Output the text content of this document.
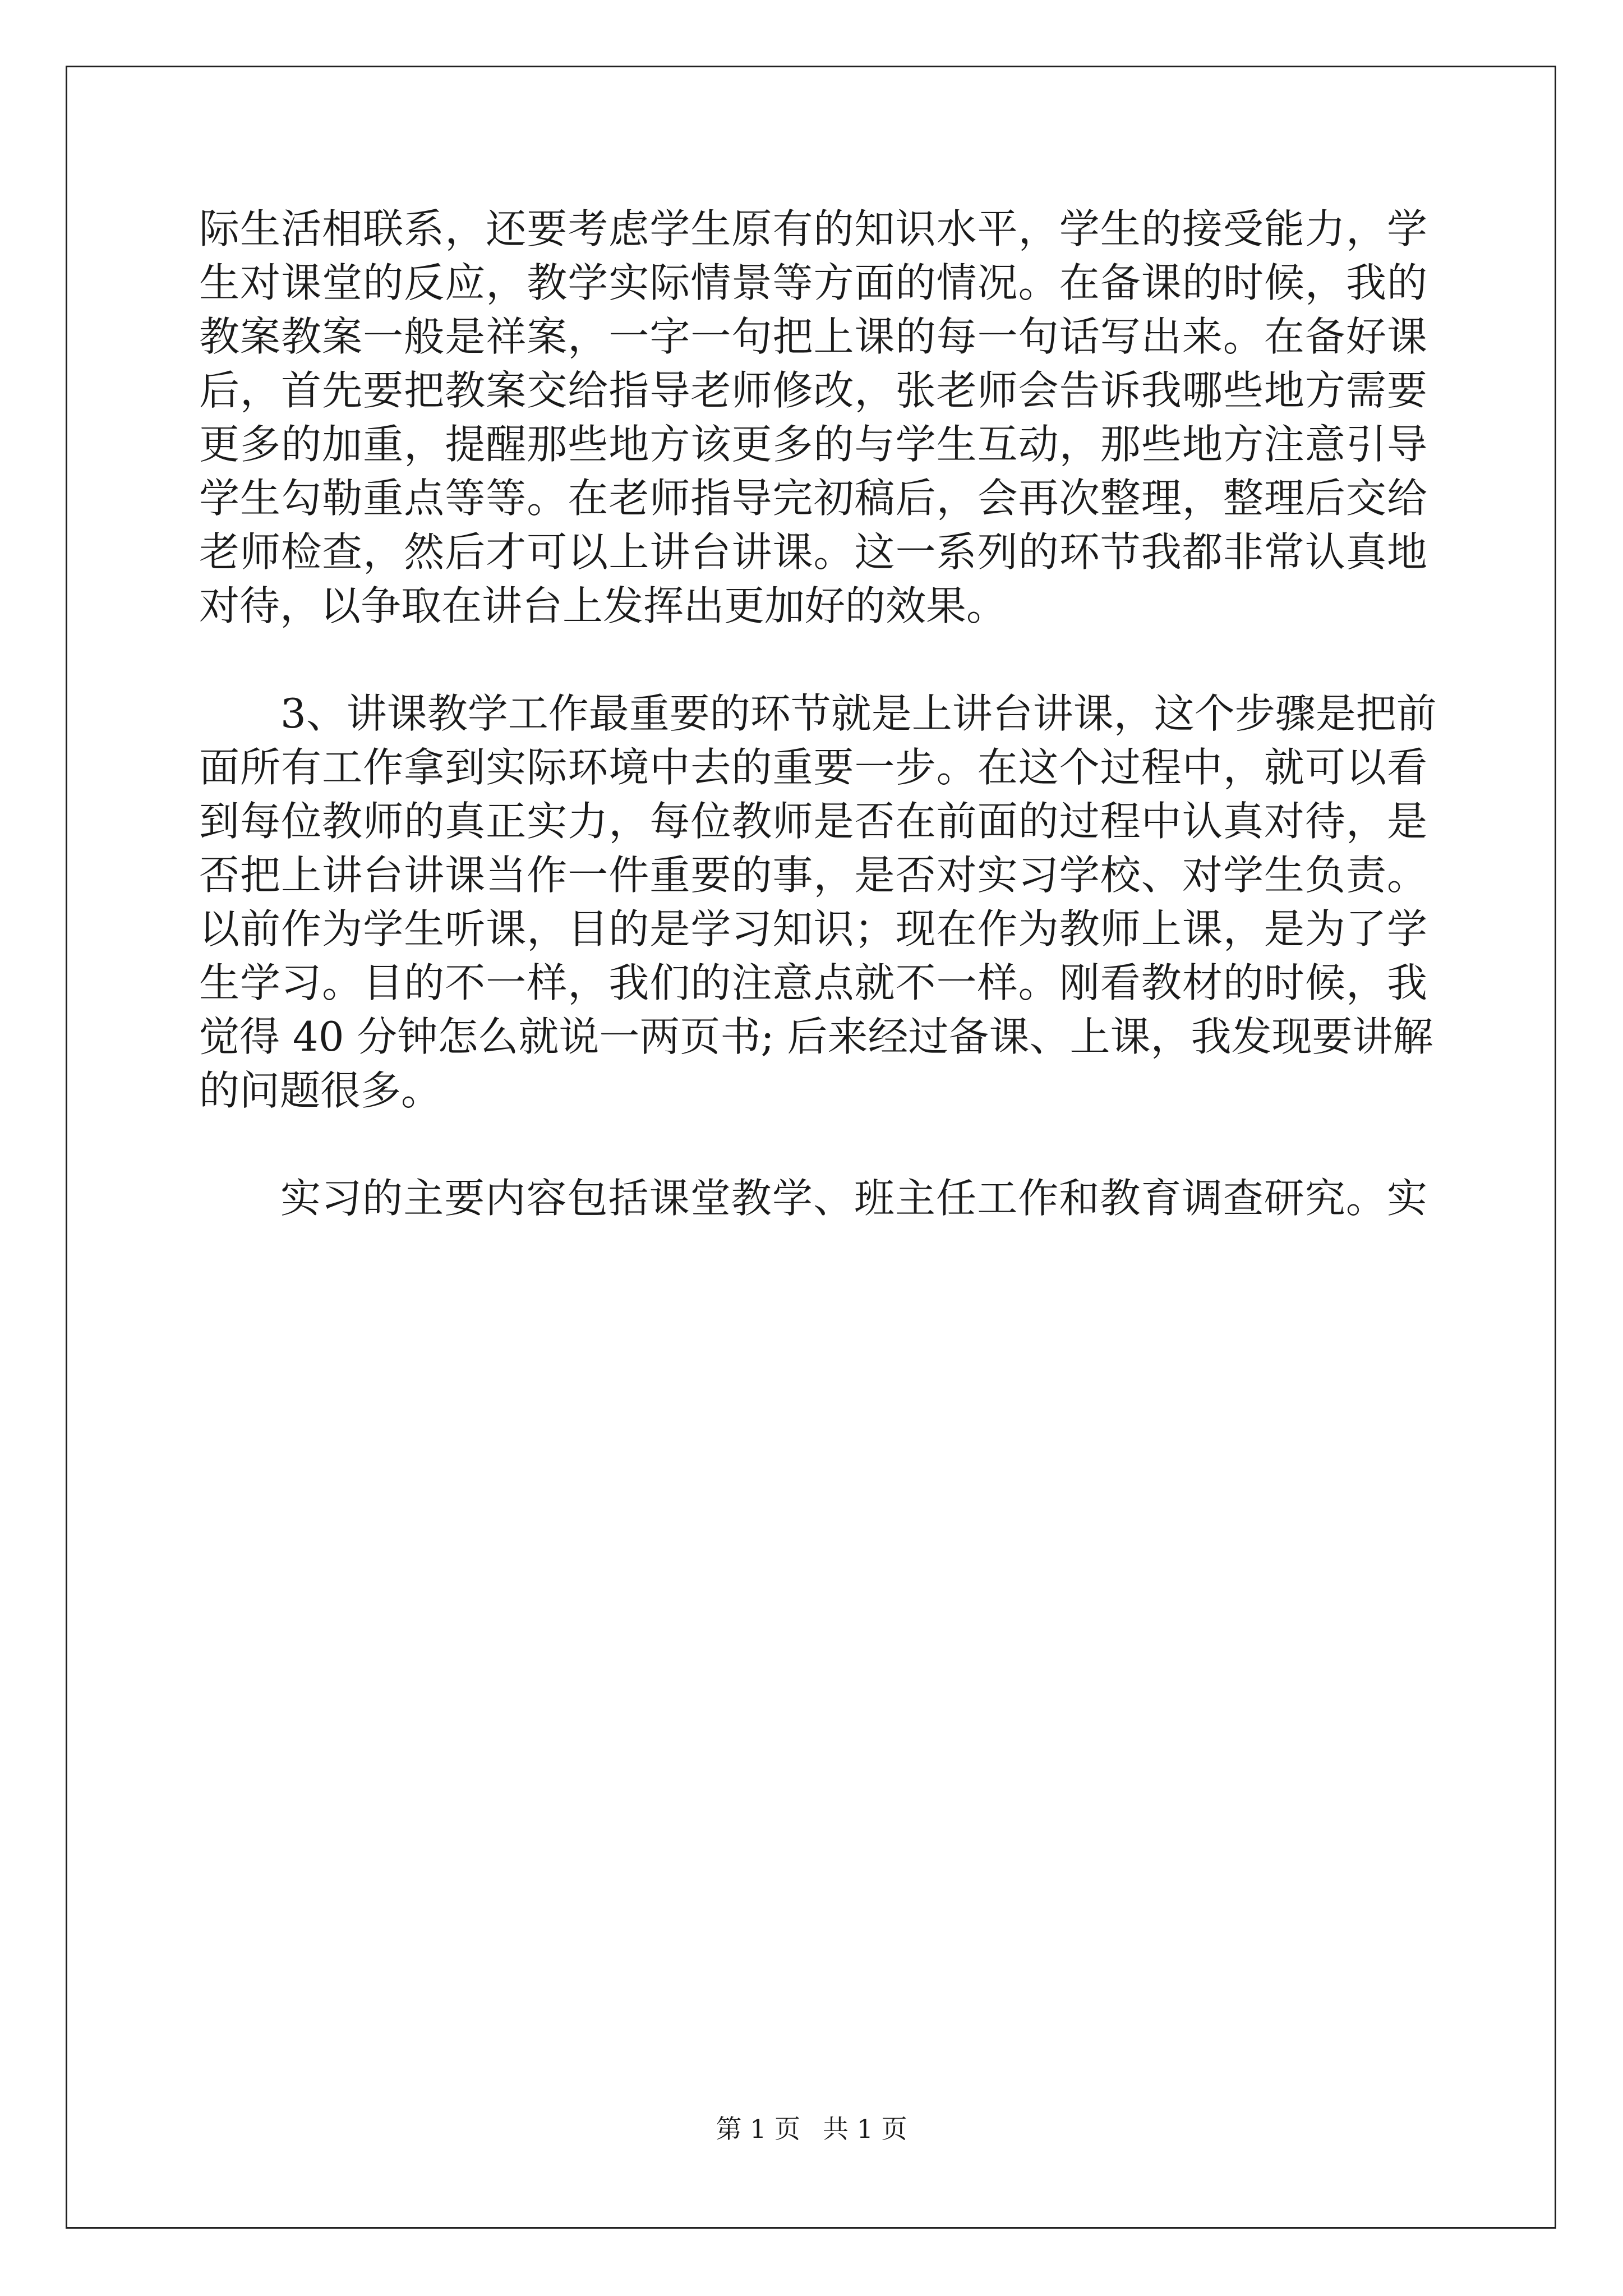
际生活相联系，还要考虑学生原有的知识水平，学生的接受能力，学
生对课堂的反应，教学实际情景等方面的情况。在备课的时候，我的
教案教案一般是祥案，一字一句把上课的每一句话写出来。在备好课
后，首先要把教案交给指导老师修改，张老师会告诉我哪些地方需要
更多的加重，提醒那些地方该更多的与学生互动，那些地方注意引导
学生勾勒重点等等。在老师指导完初稿后，会再次整理，整理后交给
老师检查，然后才可以上讲台讲课。这一系列的环节我都非常认真地
对待，以争取在讲台上发挥出更加好的效果。
3、讲课教学工作最重要的环节就是上讲台讲课，这个步骤是把前
面所有工作拿到实际环境中去的重要一步。在这个过程中，就可以看
到每位教师的真正实力，每位教师是否在前面的过程中认真对待，是
否把上讲台讲课当作一件重要的事，是否对实习学校、对学生负责。
以前作为学生听课，目的是学习知识；现在作为教师上课，是为了学
生学习。目的不一样，我们的注意点就不一样。刚看教材的时候，我
觉得 40 分钟怎么就说一两页书; 后来经过备课、上课，我发现要讲解
的问题很多。
实习的主要内容包括课堂教学、班主任工作和教育调查研究。实
第 1 页 共 1 页
